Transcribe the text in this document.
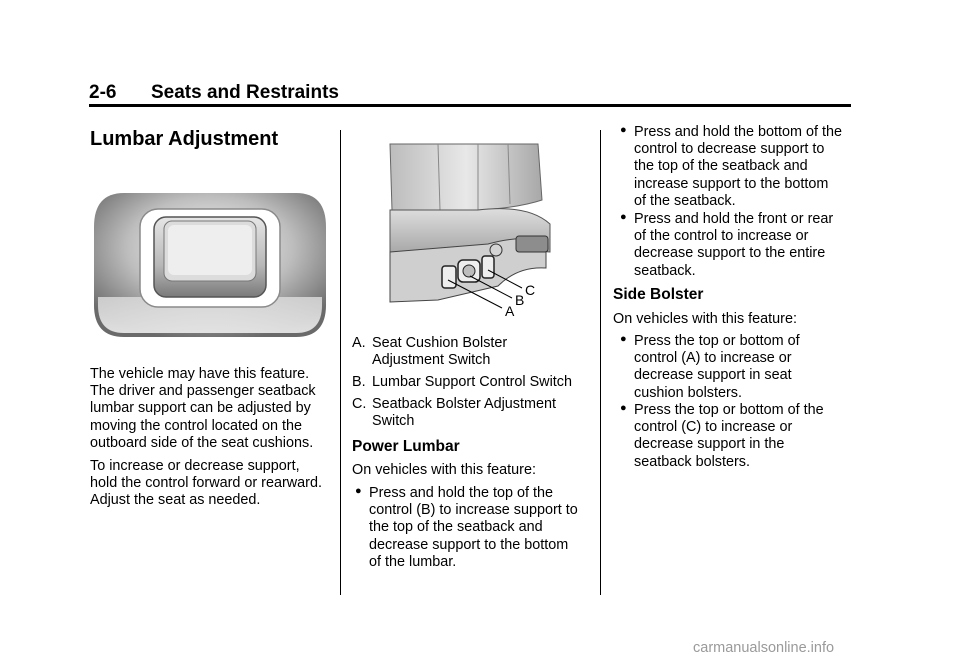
2-6 Seats and Restraints
Lumbar Adjustment
The vehicle may have this feature.
The driver and passenger seatback
lumbar support can be adjusted by
moving the control located on the
outboard side of the seat cushions.
To increase or decrease support,
hold the control forward or rearward.
Adjust the seat as needed.
A
B
C
A. Seat Cushion Bolster
Adjustment Switch
B. Lumbar Support Control Switch
C. Seatback Bolster Adjustment
Switch
Power Lumbar
On vehicles with this feature:
● Press and hold the top of the
control (B) to increase support to
the top of the seatback and
decrease support to the bottom
of the lumbar.
● Press and hold the bottom of the
control to decrease support to
the top of the seatback and
increase support to the bottom
of the seatback.
● Press and hold the front or rear
of the control to increase or
decrease support to the entire
seatback.
Side Bolster
On vehicles with this feature:
● Press the top or bottom of
control (A) to increase or
decrease support in seat
cushion bolsters.
● Press the top or bottom of the
control (C) to increase or
decrease support in the
seatback bolsters.
carmanualsonline.info
